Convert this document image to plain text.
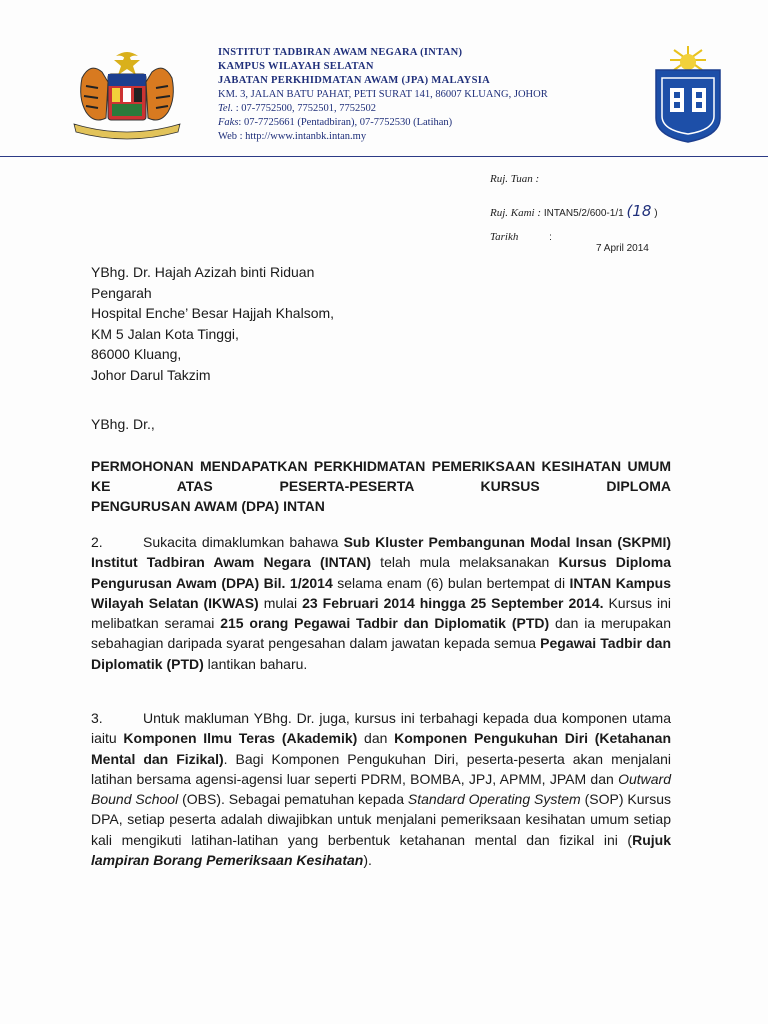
INSTITUT TADBIRAN AWAM NEGARA (INTAN)
KAMPUS WILAYAH SELATAN
JABATAN PERKHIDMATAN AWAM (JPA) MALAYSIA
KM. 3, JALAN BATU PAHAT, PETI SURAT 141, 86007 KLUANG, JOHOR
Tel. : 07-7752500, 7752501, 7752502
Faks: 07-7725661 (Pentadbiran), 07-7752530 (Latihan)
Web : http://www.intanbk.intan.my
Ruj. Tuan :
Ruj. Kami : INTAN5/2/600-1/1 (18 )
Tarikh	:
7 April 2014
YBhg. Dr. Hajah Azizah binti Riduan
Pengarah
Hospital Enche’ Besar Hajjah Khalsom,
KM 5 Jalan Kota Tinggi,
86000 Kluang,
Johor Darul Takzim
YBhg. Dr.,
PERMOHONAN MENDAPATKAN PERKHIDMATAN PEMERIKSAAN KESIHATAN UMUM KE ATAS PESERTA-PESERTA KURSUS DIPLOMA
PENGURUSAN AWAM (DPA) INTAN
2.	Sukacita dimaklumkan bahawa Sub Kluster Pembangunan Modal Insan (SKPMI) Institut Tadbiran Awam Negara (INTAN) telah mula melaksanakan Kursus Diploma Pengurusan Awam (DPA) Bil. 1/2014 selama enam (6) bulan bertempat di INTAN Kampus Wilayah Selatan (IKWAS) mulai 23 Februari 2014 hingga 25 September 2014. Kursus ini melibatkan seramai 215 orang Pegawai Tadbir dan Diplomatik (PTD) dan ia merupakan sebahagian daripada syarat pengesahan dalam jawatan kepada semua Pegawai Tadbir dan Diplomatik (PTD) lantikan baharu.
3.	Untuk makluman YBhg. Dr. juga, kursus ini terbahagi kepada dua komponen utama iaitu Komponen Ilmu Teras (Akademik) dan Komponen Pengukuhan Diri (Ketahanan Mental dan Fizikal). Bagi Komponen Pengukuhan Diri, peserta-peserta akan menjalani latihan bersama agensi-agensi luar seperti PDRM, BOMBA, JPJ, APMM, JPAM dan Outward Bound School (OBS). Sebagai pematuhan kepada Standard Operating System (SOP) Kursus DPA, setiap peserta adalah diwajibkan untuk menjalani pemeriksaan kesihatan umum setiap kali mengikuti latihan-latihan yang berbentuk ketahanan mental dan fizikal ini (Rujuk lampiran Borang Pemeriksaan Kesihatan).
